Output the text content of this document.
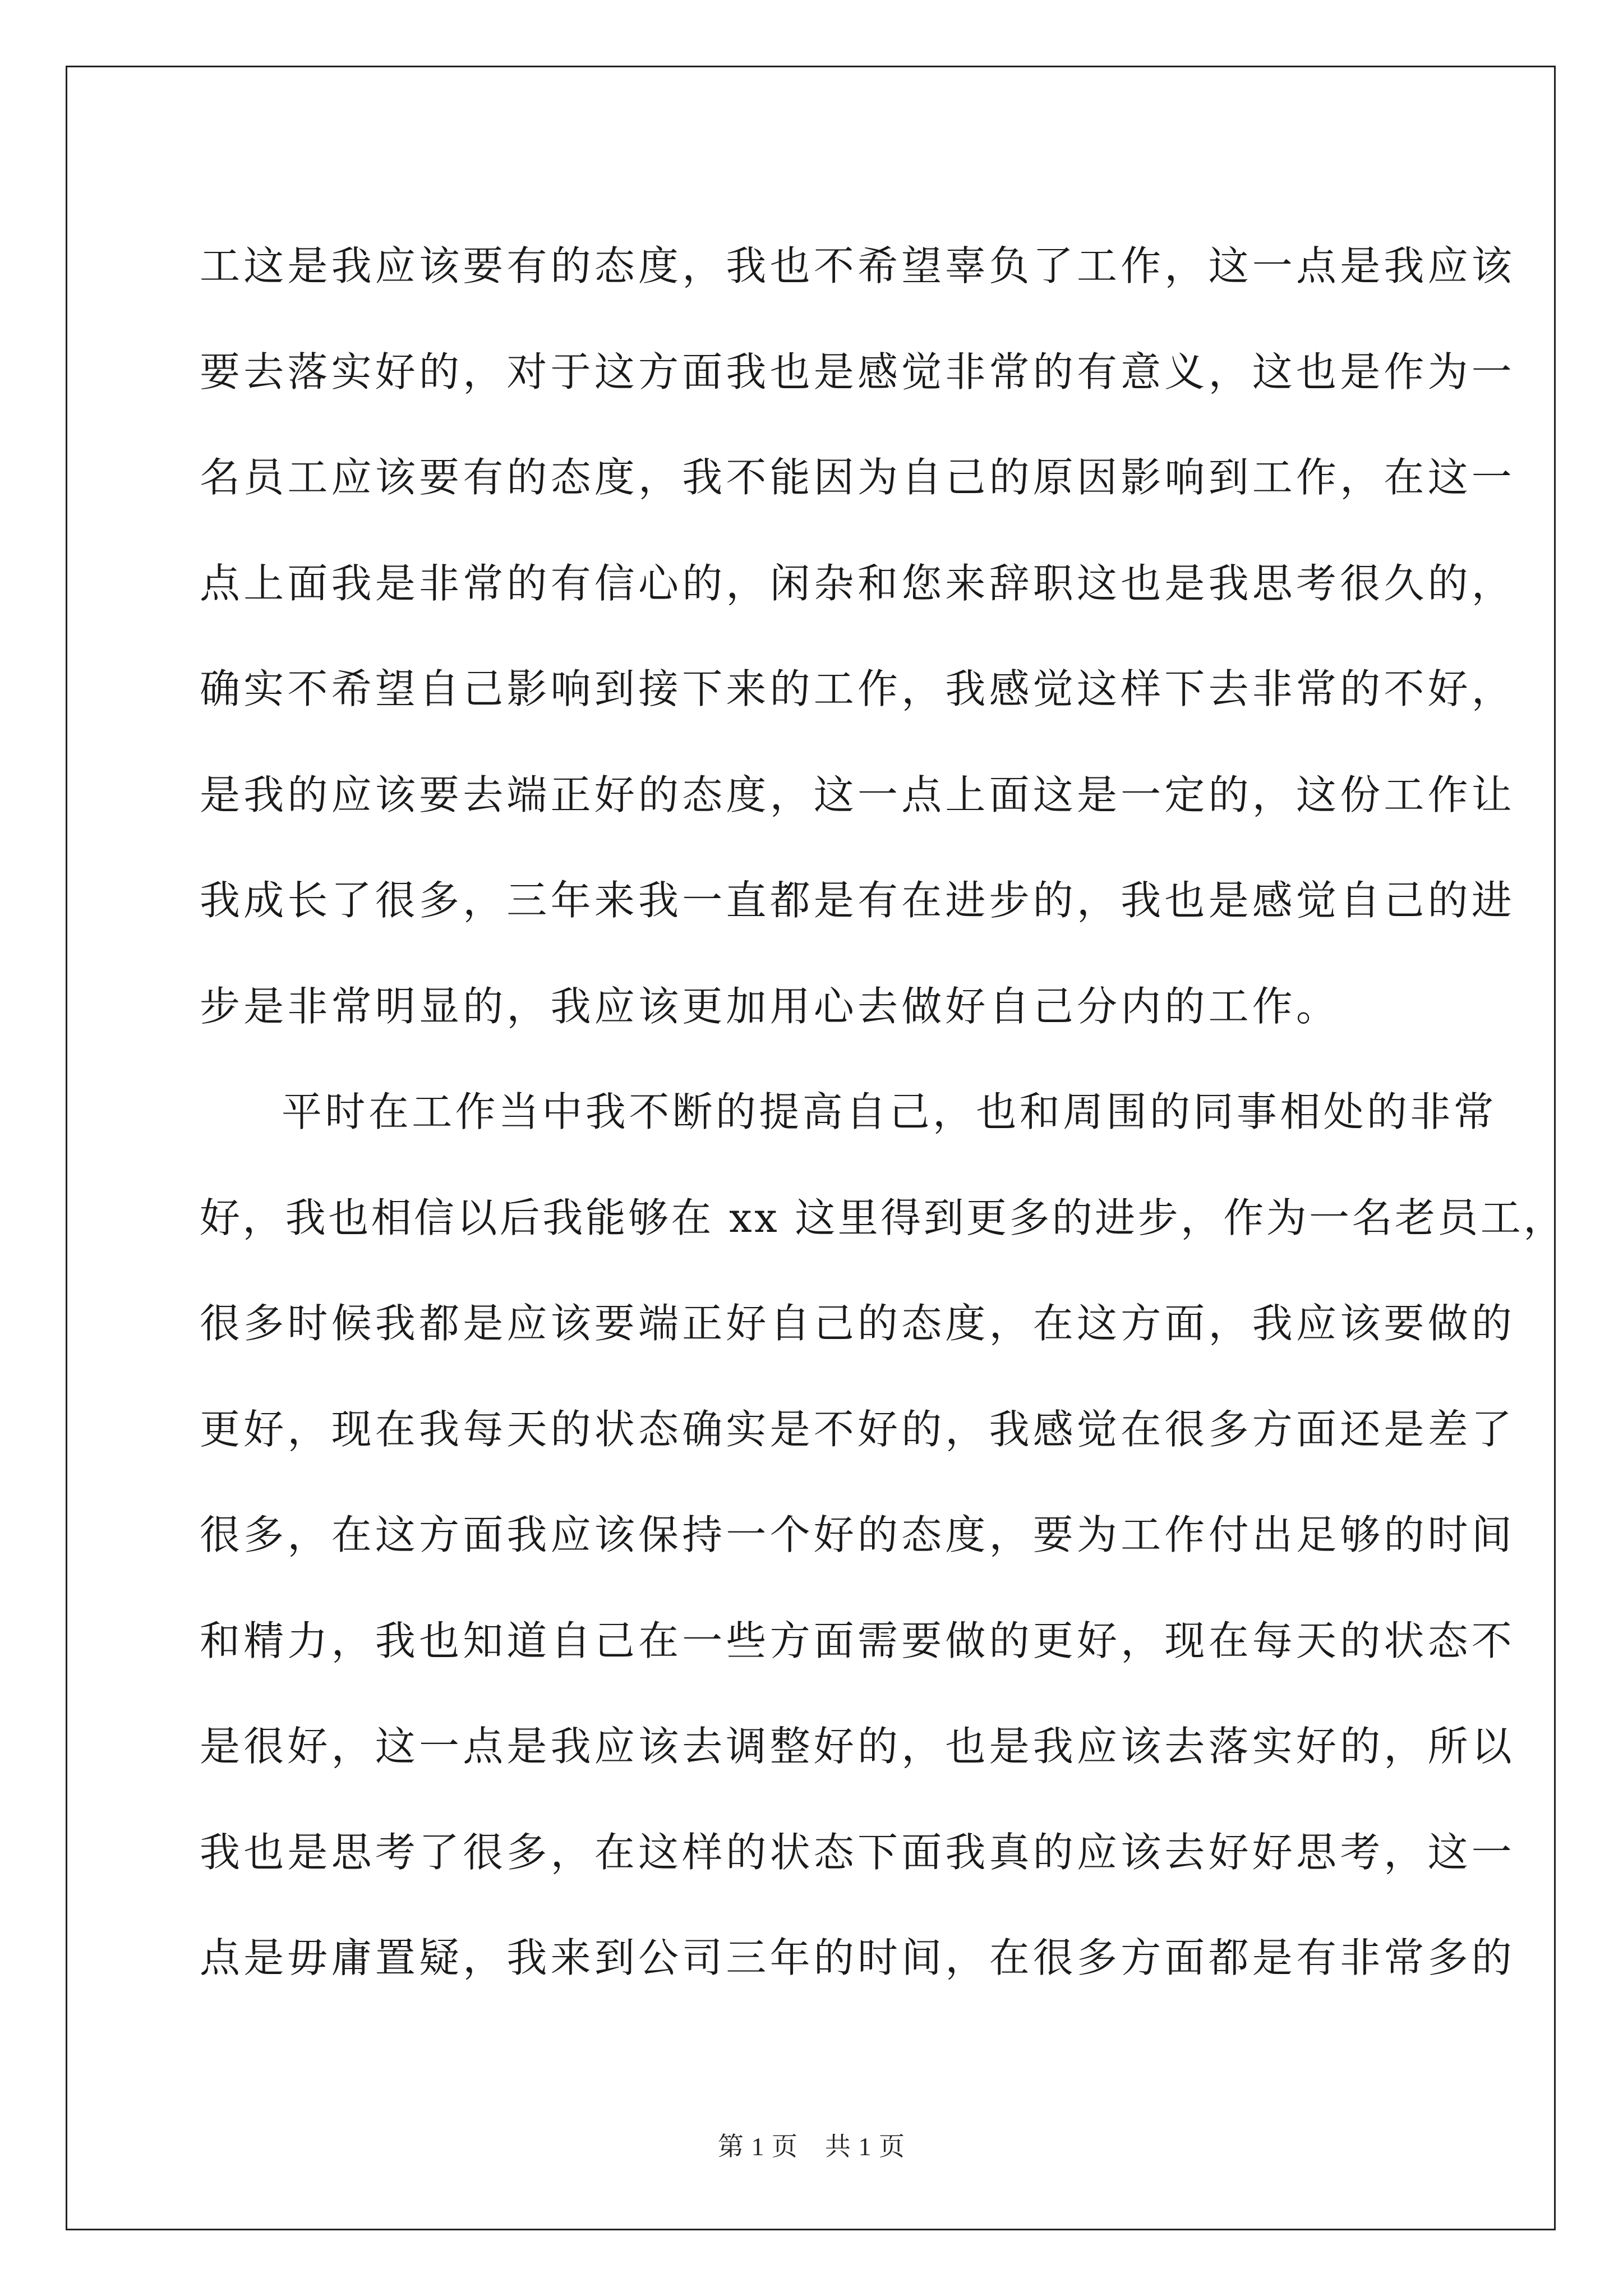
工这是我应该要有的态度，我也不希望辜负了工作，这一点是我应该
要去落实好的，对于这方面我也是感觉非常的有意义，这也是作为一
名员工应该要有的态度，我不能因为自己的原因影响到工作，在这一
点上面我是非常的有信心的，闲杂和您来辞职这也是我思考很久的，
确实不希望自己影响到接下来的工作，我感觉这样下去非常的不好，
是我的应该要去端正好的态度，这一点上面这是一定的，这份工作让
我成长了很多，三年来我一直都是有在进步的，我也是感觉自己的进
步是非常明显的，我应该更加用心去做好自己分内的工作。
平时在工作当中我不断的提高自己，也和周围的同事相处的非常
好，我也相信以后我能够在 xx 这里得到更多的进步，作为一名老员工，
很多时候我都是应该要端正好自己的态度，在这方面，我应该要做的
更好，现在我每天的状态确实是不好的，我感觉在很多方面还是差了
很多，在这方面我应该保持一个好的态度，要为工作付出足够的时间
和精力，我也知道自己在一些方面需要做的更好，现在每天的状态不
是很好，这一点是我应该去调整好的，也是我应该去落实好的，所以
我也是思考了很多，在这样的状态下面我真的应该去好好思考，这一
点是毋庸置疑，我来到公司三年的时间，在很多方面都是有非常多的
第 1 页 共 1 页
